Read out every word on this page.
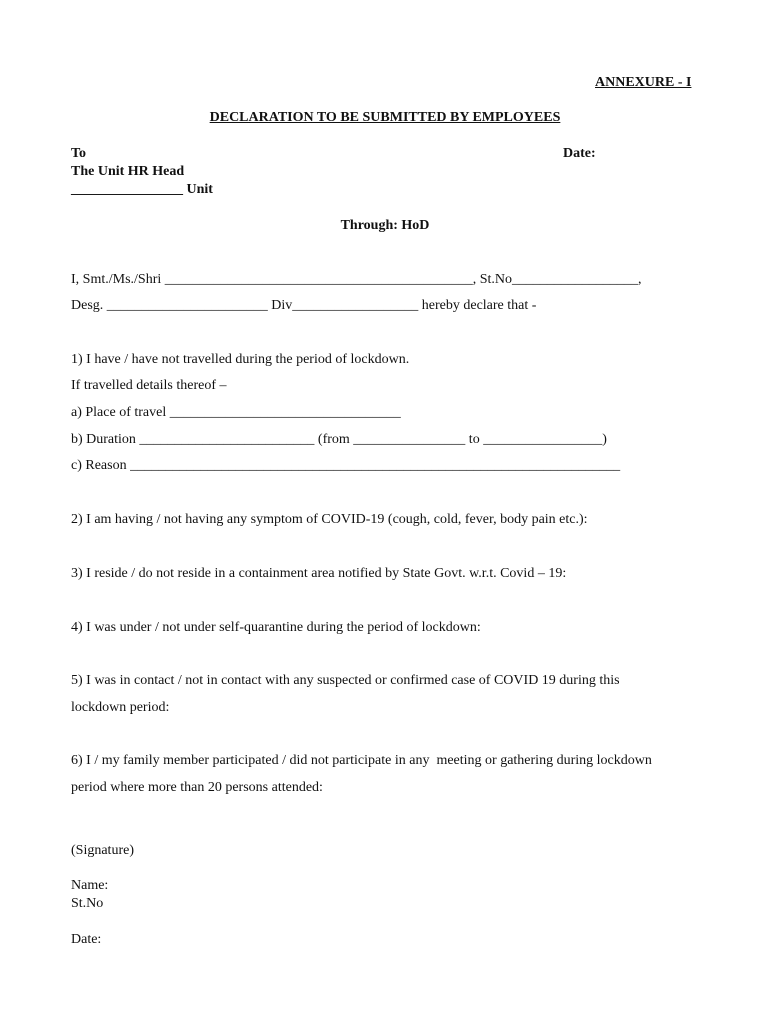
ANNEXURE - I
DECLARATION TO BE SUBMITTED BY EMPLOYEES
To	Date:
The Unit HR Head
________________ Unit
Through: HoD
I, Smt./Ms./Shri ____________________________________________, St.No__________________,
Desg. _______________________ Div__________________ hereby declare that -
1) I have / have not travelled during the period of lockdown.
If travelled details thereof –
a) Place of travel _________________________________
b) Duration _________________________ (from ________________ to _________________)
c) Reason ______________________________________________________________________
2) I am having / not having any symptom of COVID-19 (cough, cold, fever, body pain etc.):
3) I reside / do not reside in a containment area notified by State Govt. w.r.t. Covid – 19:
4) I was under / not under self-quarantine during the period of lockdown:
5) I was in contact / not in contact with any suspected or confirmed case of COVID 19 during this
lockdown period:
6) I / my family member participated / did not participate in any  meeting or gathering during lockdown
period where more than 20 persons attended:
(Signature)
Name:
St.No
Date:
